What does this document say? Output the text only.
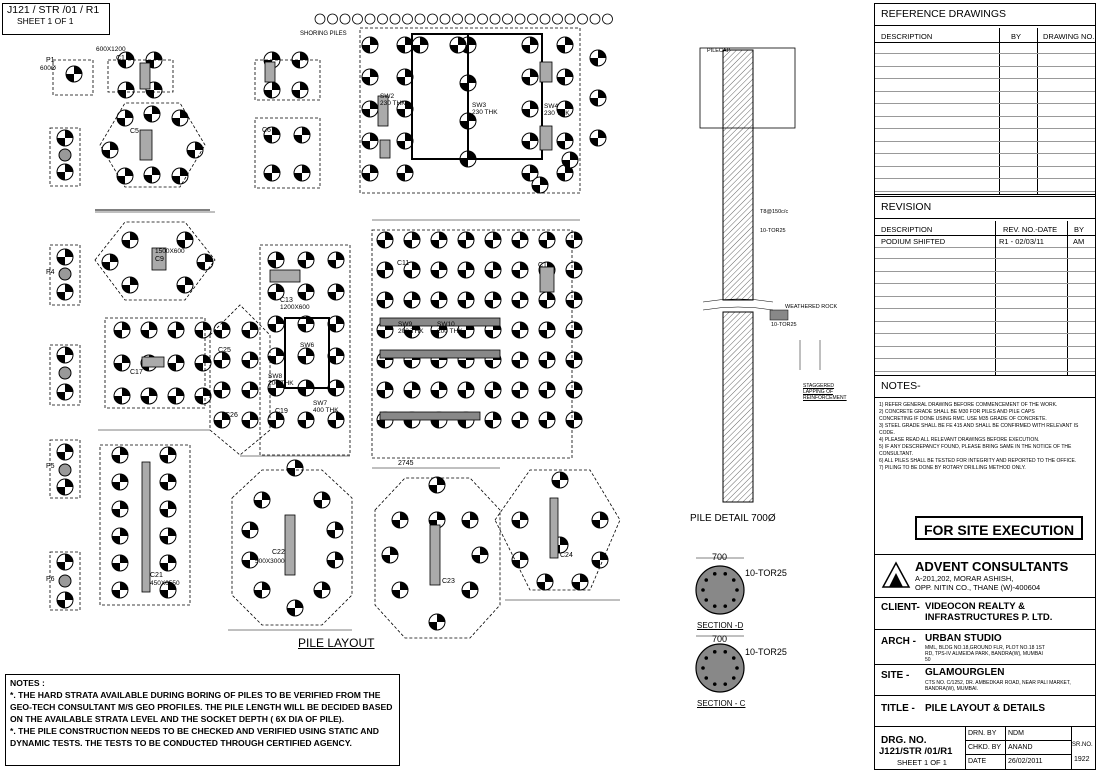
J121 / STR /01 / R1
SHEET 1 OF 1
SHORING PILES
PILE LAYOUT
PILE DETAIL 700Ø
PILECAP
WEATHERED ROCK
STAGGERED LAPPING OF REINFORCEMENT
10-TOR25
10-TOR25
T8@150c/c
10-TOR25
10-TOR25
700
700
SECTION -D
SECTION - C
C1
C5	C6
C9
C11	C12
C13
C17
C19
C21
C22
C23
C24
C25
C26
SW2
230 THK	SW3
230 THK
SW4
230 THK
SW6
SW7
400 THK
SW8
200 THK
SW9
200 THK
SW10
200 THK
P1
P4
P5
P6
600X1200
1500X600
500X3000
450X6550
1200X600
2745
600Ø

NOTES :

*. THE HARD STRATA AVAILABLE DURING BORING OF PILES TO BE VERIFIED FROM THE GEO-TECH CONSULTANT M/S GEO PROFILES. THE PILE LENGTH WILL BE DECIDED BASED ON THE AVAILABLE STRATA LEVEL AND THE SOCKET DEPTH ( 6X DIA OF PILE).

*. THE PILE CONSTRUCTION NEEDS TO BE CHECKED AND VERIFIED USING STATIC AND DYNAMIC TESTS. THE TESTS TO BE CONDUCTED THROUGH CERTIFIED AGENCY.

REFERENCE DRAWINGS
DESCRIPTION	BY	DRAWING NO.
REVISION
DESCRIPTION	REV. NO.-DATE BY
PODIUM SHIFTED	R1 - 02/03/11	AM
NOTES-

1) REFER GENERAL DRAWING BEFORE COMMENCEMENT OF THE WORK.

2) CONCRETE GRADE SHALL BE M30 FOR PILES AND PILE CAPS

CONCRETING IF DONE USING RMC. USE M35 GRADE OF CONCRETE.

3) STEEL GRADE SHALL BE FE 415 AND SHALL BE CONFIRMED WITH RELEVANT IS CODE.

4) PLEASE READ ALL RELEVANT DRAWINGS BEFORE EXECUTION.

5) IF ANY DESCREPANCY FOUND, PLEASE BRING SAME IN THE NOTICE OF THE CONSULTANT.

6) ALL PILES SHALL BE TESTED FOR INTEGRITY AND REPORTED TO THE OFFICE.

7) PILING TO BE DONE BY ROTARY DRILLING METHOD ONLY.

FOR SITE EXECUTION
ADVENT CONSULTANTS
A-201,202, MORAR ASHISH,
OPP. NITIN CO., THANE (W)-400604
CLIENT- VIDEOCON REALTY & INFRASTRUCTURES P. LTD.
ARCH - URBAN STUDIO
MML, BLDG NO.18,GROUND FLR, PLOT NO.18 1ST RD, TPS-IV ALMEIDA PARK, BANDRA(W), MUMBAI 50
SITE - GLAMOURGLEN
CTS NO. C/1252, DR. AMBEDKAR ROAD, NEAR PALI MARKET, BANDRA(W), MUMBAI.
TITLE - PILE LAYOUT & DETAILS
DRG. NO.
J121/STR /01/R1
SHEET 1 OF 1
DRN. BY NDM
CHKD. BY ANAND
DATE	26/02/2011
SR.NO.
1922
